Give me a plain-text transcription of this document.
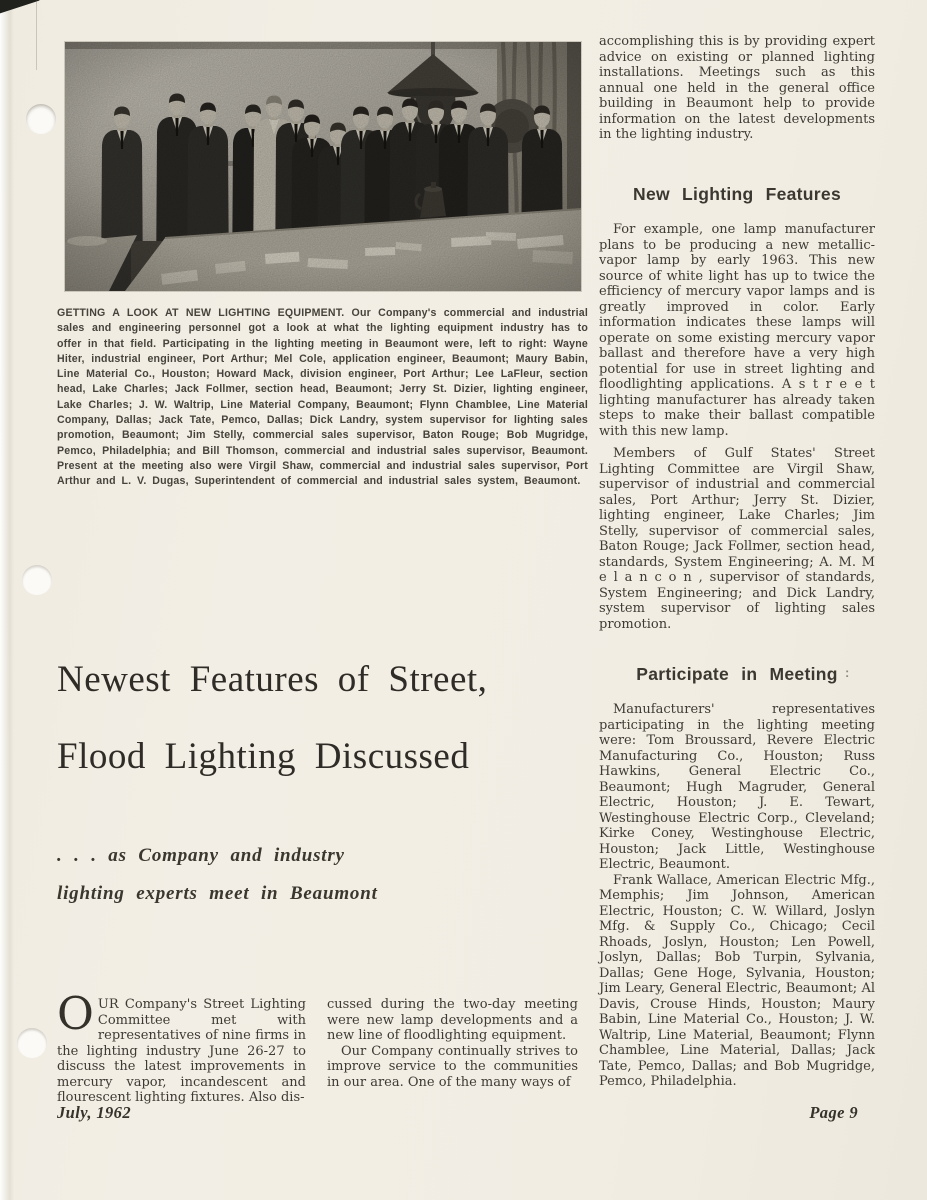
GETTING A LOOK AT NEW LIGHTING EQUIPMENT. Our Company's commercial and industrial sales and engineering personnel got a look at what the lighting equipment industry has to offer in that field. Participating in the lighting meeting in Beaumont were, left to right: Wayne Hiter, industrial engineer, Port Arthur; Mel Cole, application engineer, Beaumont; Maury Babin, Line Material Co., Houston; Howard Mack, division engineer, Port Arthur; Lee LaFleur, section head, Lake Charles; Jack Follmer, section head, Beaumont; Jerry St. Dizier, lighting engineer, Lake Charles; J. W. Waltrip, Line Material Company, Beaumont; Flynn Chamblee, Line Material Company, Dallas; Jack Tate, Pemco, Dallas; Dick Landry, system supervisor for lighting sales promotion, Beaumont; Jim Stelly, commercial sales supervisor, Baton Rouge; Bob Mugridge, Pemco, Philadelphia; and Bill Thomson, commercial and industrial sales supervisor, Beaumont. Present at the meeting also were Virgil Shaw, commercial and industrial sales supervisor, Port Arthur and L. V. Dugas, Superintendent of commercial and industrial sales system, Beaumont.
Newest Features of Street,
Flood Lighting Discussed
. . . as Company and industry
lighting experts meet in Beaumont

OUR Company's Street Lighting Committee met with representatives of nine firms in the lighting industry June 26-27 to discuss the latest improvements in mercury vapor, incandescent and flourescent lighting fixtures. Also dis-

cussed during the two-day meeting were new lamp developments and a new line of floodlighting equipment.

Our Company continually strives to improve service to the communities in our area. One of the many ways of

accomplishing this is by providing expert advice on existing or planned lighting installations. Meetings such as this annual one held in the general office building in Beaumont help to provide information on the latest developments in the lighting industry.

New Lighting Features

For example, one lamp manufacturer plans to be producing a new metallic-vapor lamp by early 1963. This new source of white light has up to twice the efficiency of mercury vapor lamps and is greatly improved in color. Early information indicates these lamps will operate on some existing mercury vapor ballast and therefore have a very high potential for use in street lighting and floodlighting applications. A s t r e e t lighting manufacturer has already taken steps to make their ballast compatible with this new lamp.

Members of Gulf States' Street Lighting Committee are Virgil Shaw, supervisor of industrial and commercial sales, Port Arthur; Jerry St. Dizier, lighting engineer, Lake Charles; Jim Stelly, supervisor of commercial sales, Baton Rouge; Jack Follmer, section head, standards, System Engineering; A. M. M e l a n c o n , supervisor of standards, System Engineering; and Dick Landry, system supervisor of lighting sales promotion.

Participate in Meeting :

Manufacturers' representatives participating in the lighting meeting were: Tom Broussard, Revere Electric Manufacturing Co., Houston; Russ Hawkins, General Electric Co., Beaumont; Hugh Magruder, General Electric, Houston; J. E. Tewart, Westinghouse Electric Corp., Cleveland; Kirke Coney, Westinghouse Electric, Houston; Jack Little, Westinghouse Electric, Beaumont.

Frank Wallace, American Electric Mfg., Memphis; Jim Johnson, American Electric, Houston; C. W. Willard, Joslyn Mfg. & Supply Co., Chicago; Cecil Rhoads, Joslyn, Houston; Len Powell, Joslyn, Dallas; Bob Turpin, Sylvania, Dallas; Gene Hoge, Sylvania, Houston; Jim Leary, General Electric, Beaumont; Al Davis, Crouse Hinds, Houston; Maury Babin, Line Material Co., Houston; J. W. Waltrip, Line Material, Beaumont; Flynn Chamblee, Line Material, Dallas; Jack Tate, Pemco, Dallas; and Bob Mugridge, Pemco, Philadelphia.

July, 1962	Page 9
